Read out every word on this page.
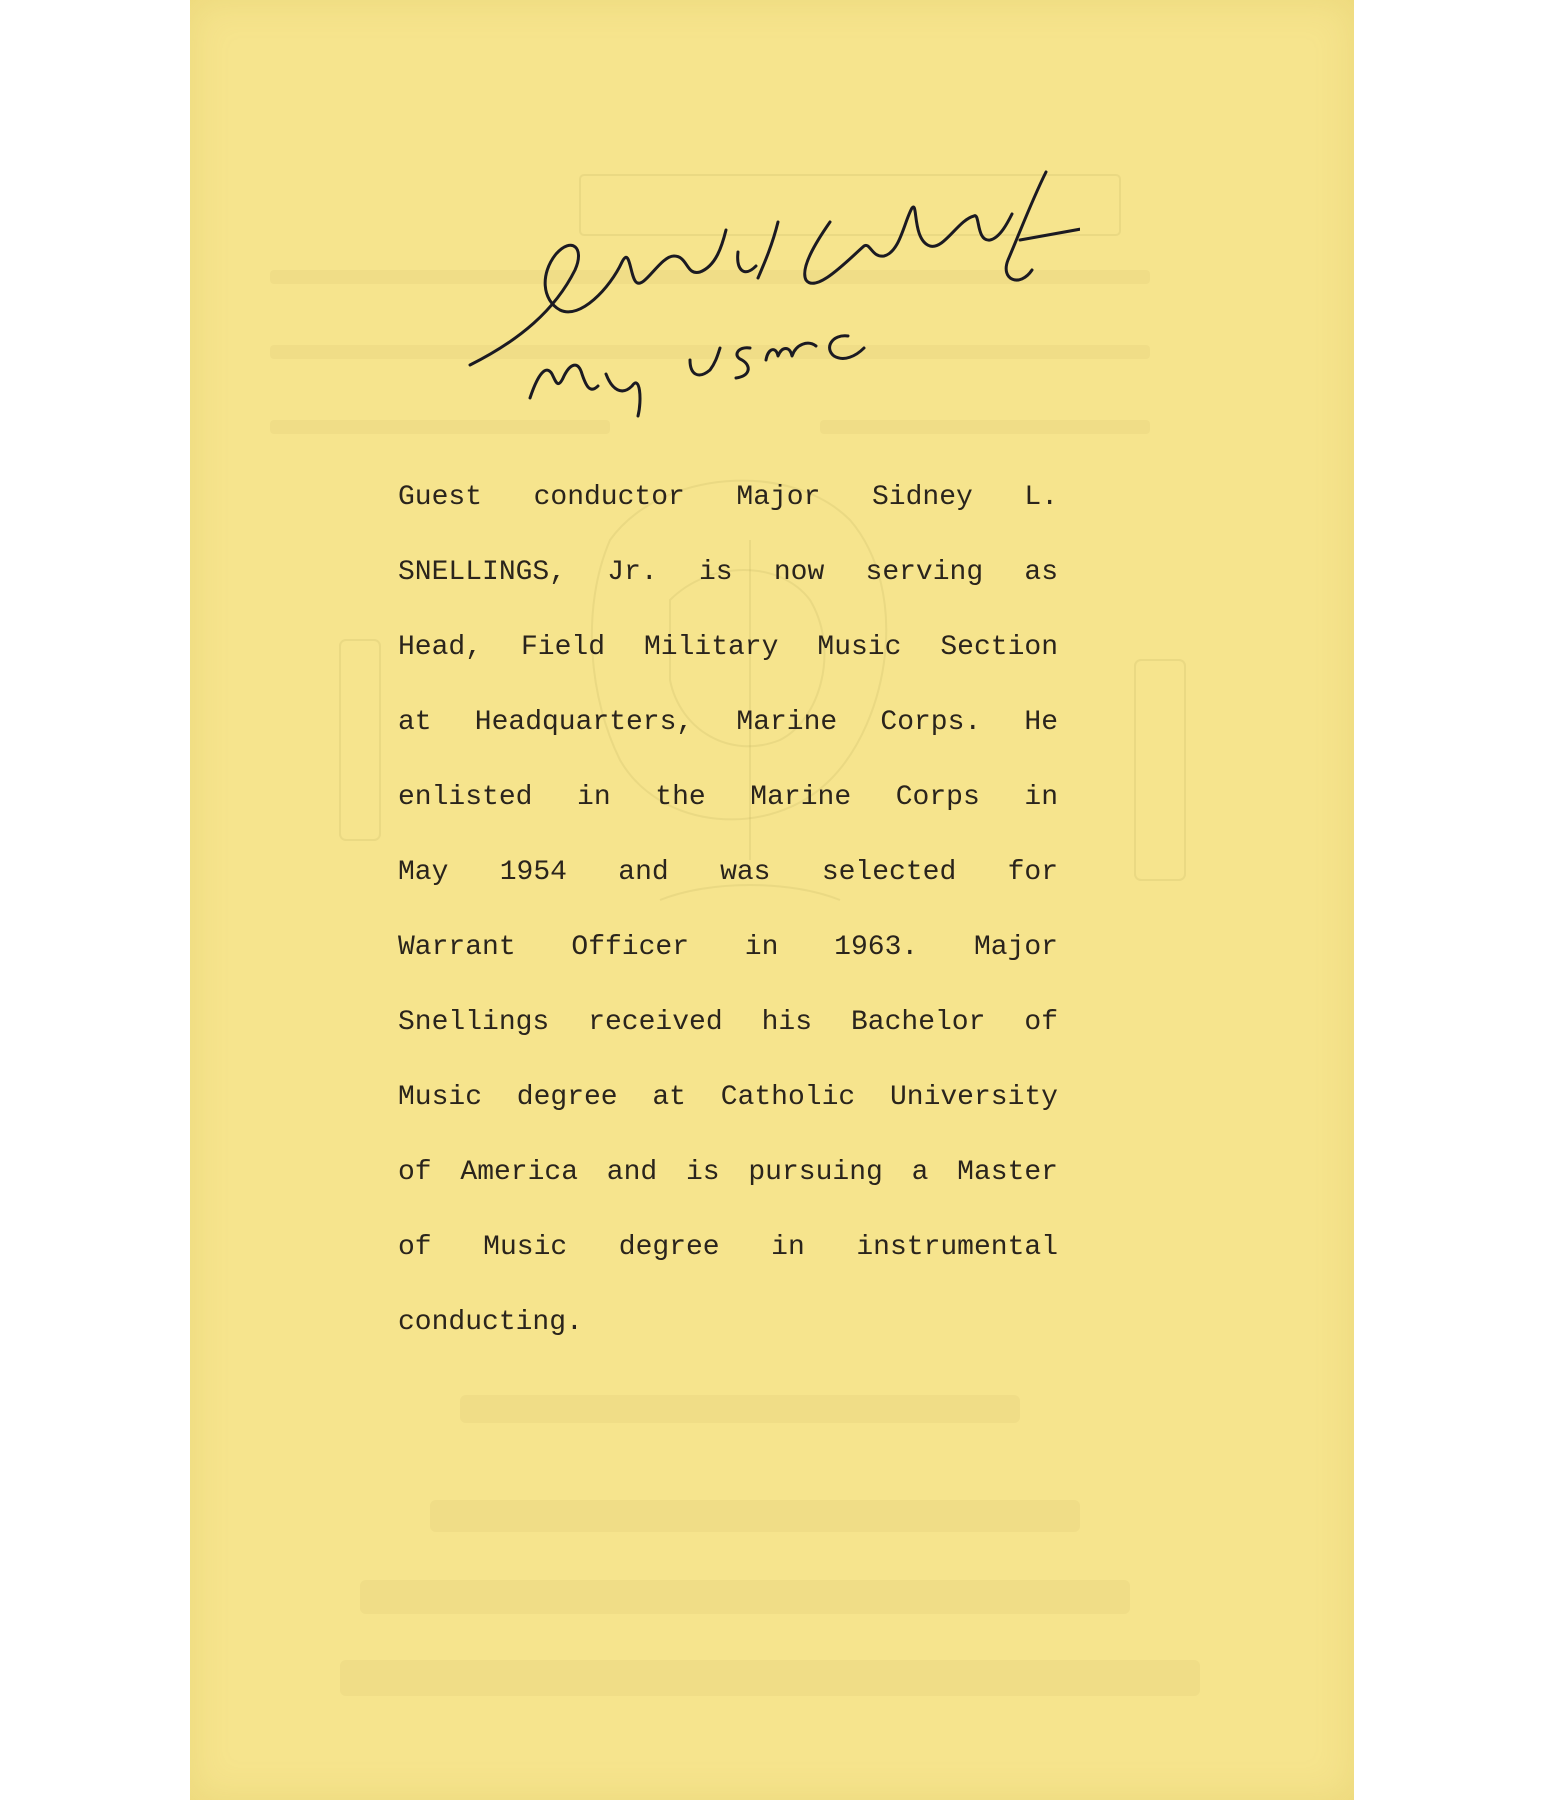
Guest conductor Major Sidney L.
SNELLINGS, Jr. is now serving as
Head, Field Military Music Section
at Headquarters, Marine Corps. He
enlisted in the Marine Corps in
May 1954 and was selected for
Warrant Officer in 1963. Major
Snellings received his Bachelor of
Music degree at Catholic University
of America and is pursuing a Master
of Music degree in instrumental
conducting.
